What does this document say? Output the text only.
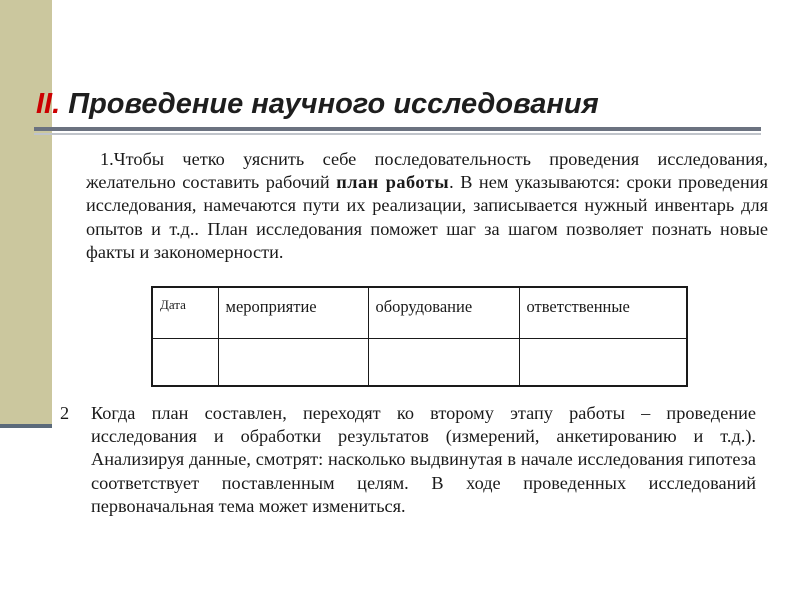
II. Проведение научного исследования

1.Чтобы четко уяснить себе последовательность проведения исследования, желательно составить рабочий план работы. В нем указываются: сроки проведения исследования, намечаются пути их реализации, записывается нужный инвентарь для опытов и т.д.. План исследования поможет шаг за шагом позволяет познать новые факты и закономерности.

Дата	мероприятие	оборудование	ответственные

2 Когда план составлен, переходят ко второму этапу работы – проведение исследования и обработки результатов (измерений, анкетированию и т.д.). Анализируя данные, смотрят: насколько выдвинутая в начале исследования гипотеза соответствует поставленным целям. В ходе проведенных исследований первоначальная тема может измениться.
